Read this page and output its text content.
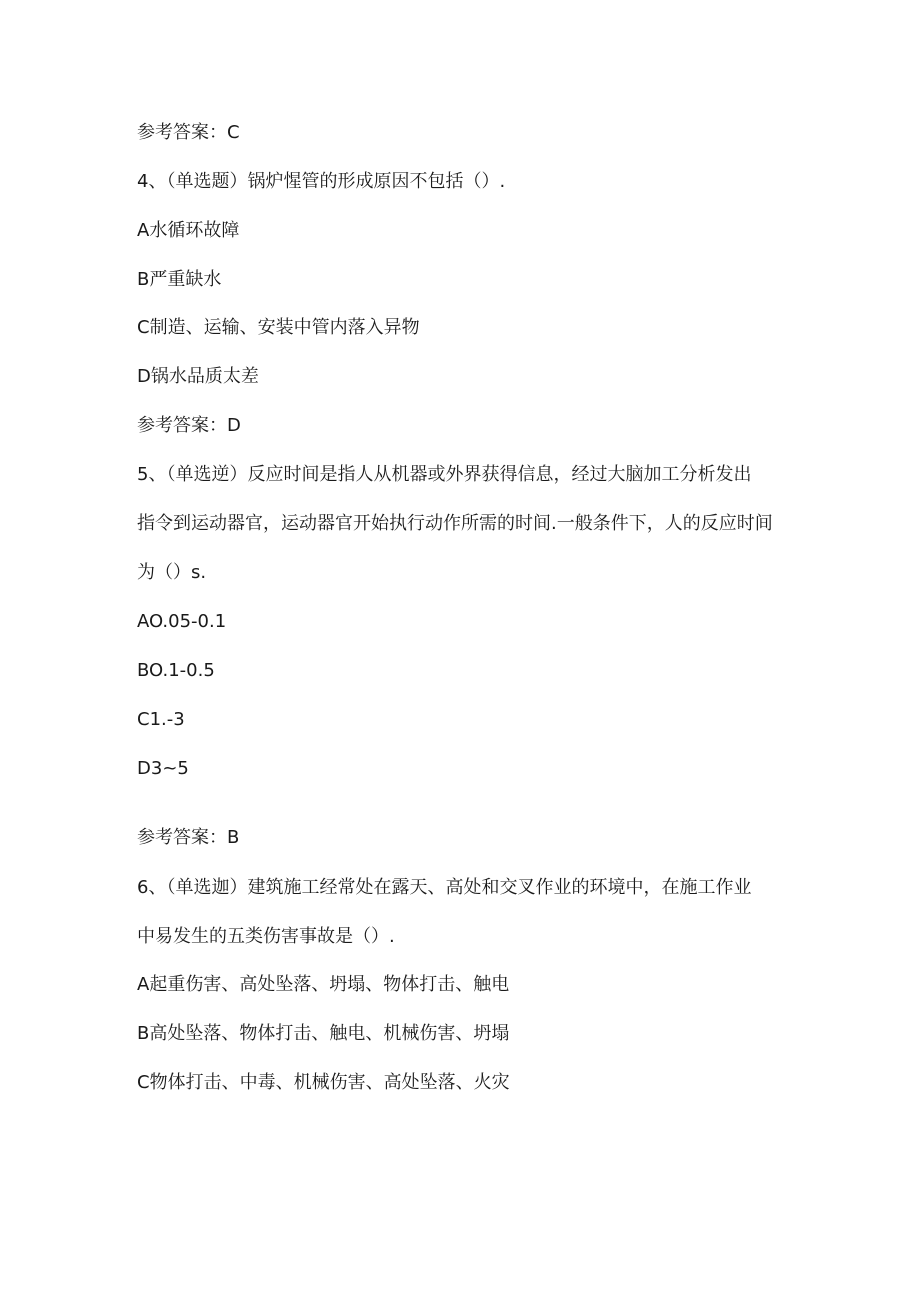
参考答案：C

4、（单选题）锅炉惺管的形成原因不包括（）.

A水循环故障

B严重缺水

C制造、运输、安装中管内落入异物

D锅水品质太差

参考答案：D

5、（单选逆）反应时间是指人从机器或外界获得信息，经过大脑加工分析发出

指令到运动器官，运动器官开始执行动作所需的时间.一般条件下，人的反应时间

为（）s.

AO.05-0.1

BO.1-0.5

C1.-3

D3~5

参考答案：B

6、（单选迦）建筑施工经常处在露天、高处和交叉作业的环境中，在施工作业

中易发生的五类伤害事故是（）.

A起重伤害、高处坠落、坍塌、物体打击、触电

B高处坠落、物体打击、触电、机械伤害、坍塌

C物体打击、中毒、机械伤害、高处坠落、火灾
